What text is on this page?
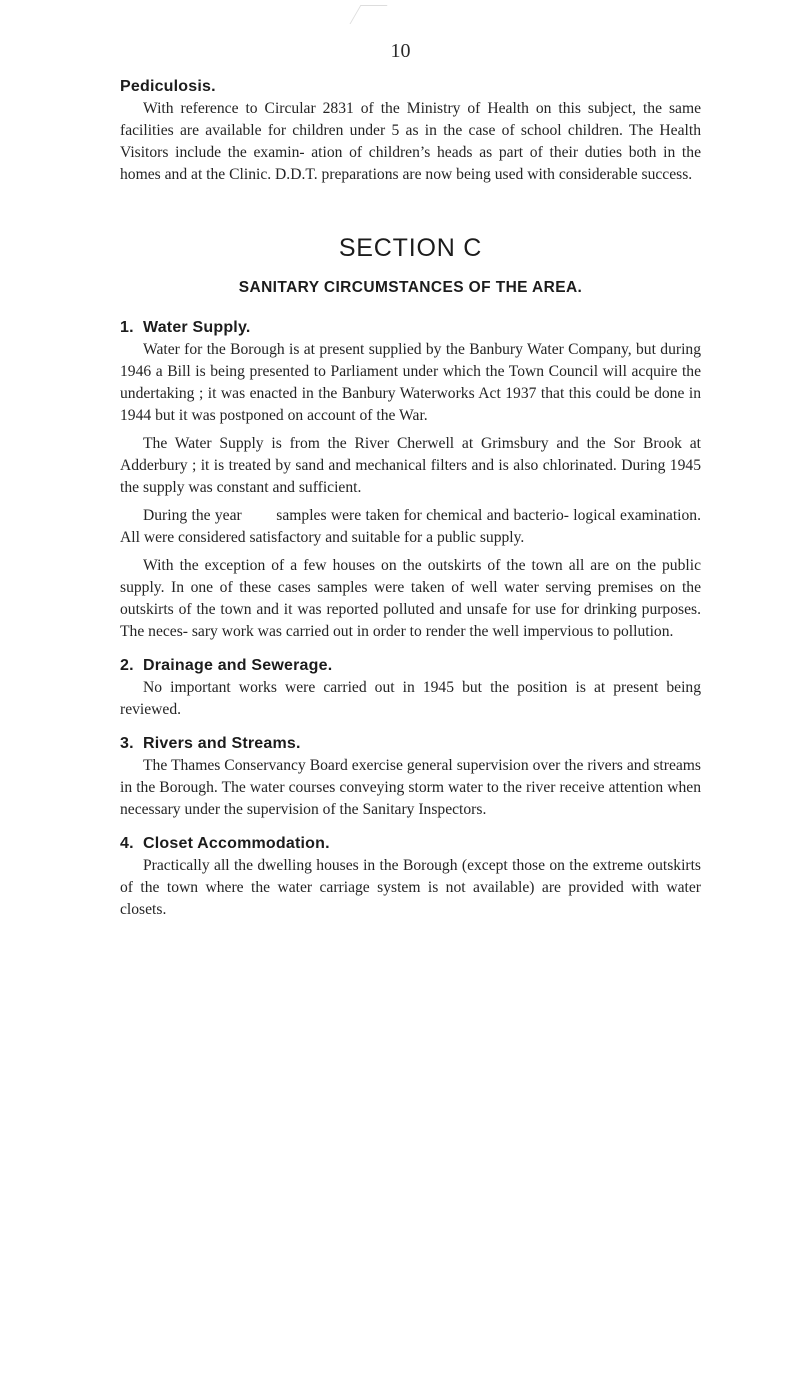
10
Pediculosis.

With reference to Circular 2831 of the Ministry of Health on this subject, the same facilities are available for children under 5 as in the case of school children. The Health Visitors include the examin- ation of children’s heads as part of their duties both in the homes and at the Clinic. D.D.T. preparations are now being used with considerable success.

SECTION C
SANITARY CIRCUMSTANCES OF THE AREA.
1. Water Supply.

Water for the Borough is at present supplied by the Banbury Water Company, but during 1946 a Bill is being presented to Parliament under which the Town Council will acquire the undertaking ; it was enacted in the Banbury Waterworks Act 1937 that this could be done in 1944 but it was postponed on account of the War.

The Water Supply is from the River Cherwell at Grimsbury and the Sor Brook at Adderbury ; it is treated by sand and mechanical filters and is also chlorinated. During 1945 the supply was constant and sufficient.

During the year        samples were taken for chemical and bacterio- logical examination. All were considered satisfactory and suitable for a public supply.

With the exception of a few houses on the outskirts of the town all are on the public supply. In one of these cases samples were taken of well water serving premises on the outskirts of the town and it was reported polluted and unsafe for use for drinking purposes. The neces- sary work was carried out in order to render the well impervious to pollution.

2. Drainage and Sewerage.

No important works were carried out in 1945 but the position is at present being reviewed.

3. Rivers and Streams.

The Thames Conservancy Board exercise general supervision over the rivers and streams in the Borough. The water courses conveying storm water to the river receive attention when necessary under the supervision of the Sanitary Inspectors.

4. Closet Accommodation.

Practically all the dwelling houses in the Borough (except those on the extreme outskirts of the town where the water carriage system is not available) are provided with water closets.
